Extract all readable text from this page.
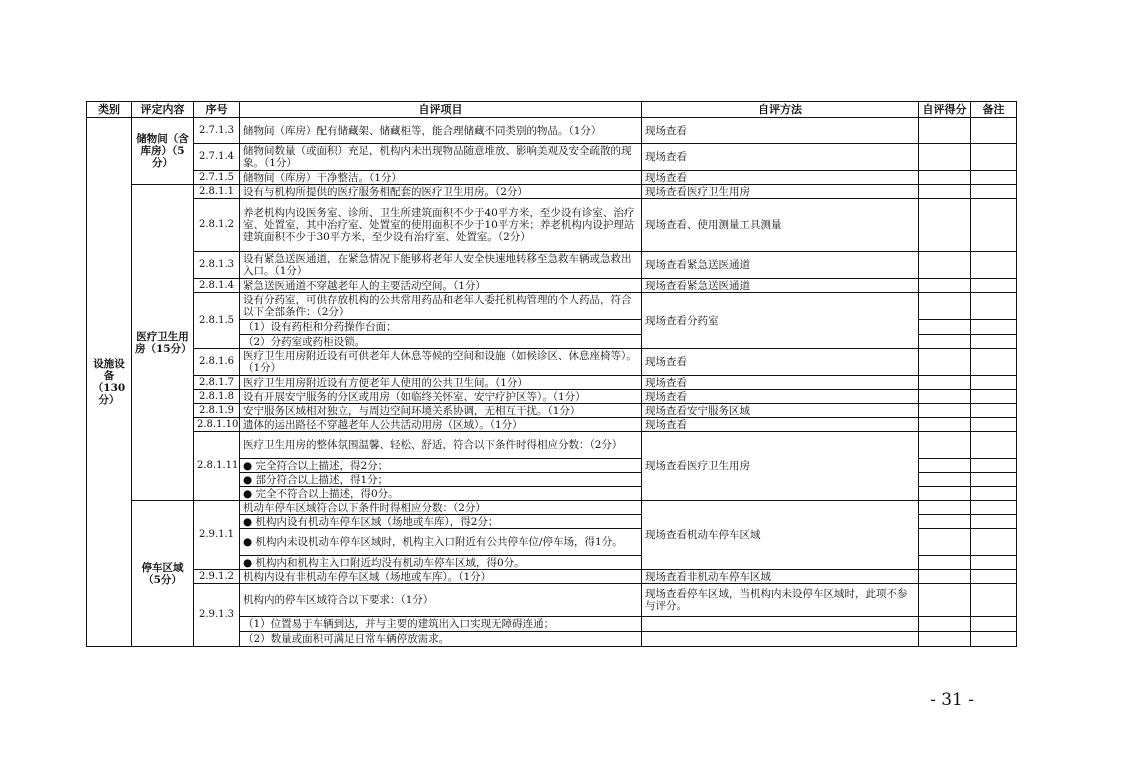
类别	评定内容	序号	自评项目	自评方法	自评得分	备注
设施设备（130分）	储物间（含库房）（5分）	2.7.1.3	储物间（库房）配有储藏架、储藏柜等，能合理储藏不同类别的物品。（1分）	现场查看		
		2.7.1.4	储物间数量（或面积）充足，机构内未出现物品随意堆放、影响美观及安全疏散的现象。（1分）	现场查看		
		2.7.1.5	储物间（库房）干净整洁。（1分）	现场查看		
	医疗卫生用房（15分）	2.8.1.1	设有与机构所提供的医疗服务相配套的医疗卫生用房。（2分）	现场查看医疗卫生用房		
		2.8.1.2	养老机构内设医务室、诊所、卫生所建筑面积不少于40平方米，至少设有诊室、治疗室、处置室，其中治疗室、处置室的使用面积不少于10平方米；养老机构内设护理站建筑面积不少于30平方米，至少设有治疗室、处置室。（2分）	现场查看、使用测量工具测量		
		2.8.1.3	设有紧急送医通道，在紧急情况下能够将老年人安全快速地转移至急救车辆或急救出入口。（1分）	现场查看紧急送医通道		
		2.8.1.4	紧急送医通道不穿越老年人的主要活动空间。（1分）	现场查看紧急送医通道		
		2.8.1.5	设有分药室，可供存放机构的公共常用药品和老年人委托机构管理的个人药品，符合以下全部条件：（2分）	现场查看分药室		
			（1）设有药柜和分药操作台面；			
			（2）分药室或药柜设锁。			
		2.8.1.6	医疗卫生用房附近设有可供老年人休息等候的空间和设施（如候诊区、休息座椅等）。（1分）	现场查看		
		2.8.1.7	医疗卫生用房附近设有方便老年人使用的公共卫生间。（1分）	现场查看		
		2.8.1.8	设有开展安宁服务的分区或用房（如临终关怀室、安宁疗护区等）。（1分）	现场查看		
		2.8.1.9	安宁服务区域相对独立，与周边空间环境关系协调，无相互干扰。（1分）	现场查看安宁服务区域		
		2.8.1.10	遗体的运出路径不穿越老年人公共活动用房（区域）。（1分）	现场查看		
		2.8.1.11	医疗卫生用房的整体氛围温馨、轻松、舒适，符合以下条件时得相应分数：（2分）	现场查看医疗卫生用房		
			● 完全符合以上描述，得2分；			
			● 部分符合以上描述，得1分；			
			● 完全不符合以上描述，得0分。			
	停车区域（5分）	2.9.1.1	机动车停车区域符合以下条件时得相应分数：（2分）	现场查看机动车停车区域		
			● 机构内设有机动车停车区域（场地或车库），得2分；			
			● 机构内未设机动车停车区域时，机构主入口附近有公共停车位/停车场，得1分。			
			● 机构内和机构主入口附近均没有机动车停车区域，得0分。			
		2.9.1.2	机构内设有非机动车停车区域（场地或车库）。（1分）	现场查看非机动车停车区域		
		2.9.1.3	机构内的停车区域符合以下要求：（1分）	现场查看停车区域，当机构内未设停车区域时，此项不参与评分。		
			（1）位置易于车辆到达，并与主要的建筑出入口实现无障碍连通；			
			（2）数量或面积可满足日常车辆停放需求。			
- 31 -
